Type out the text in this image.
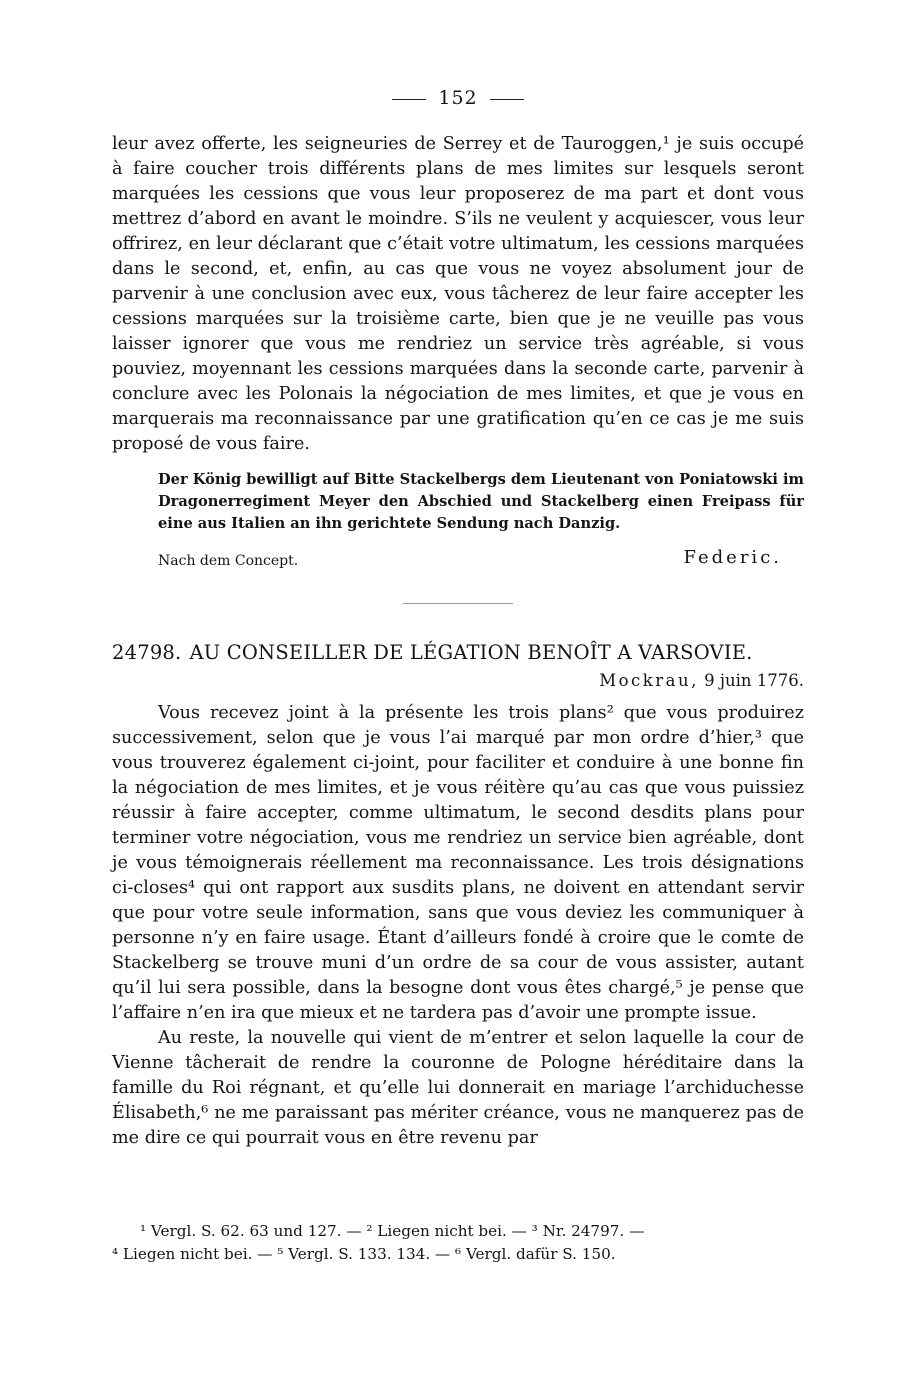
152

leur avez offerte, les seigneuries de Serrey et de Tauroggen,¹ je suis occupé à faire coucher trois différents plans de mes limites sur lesquels seront marquées les cessions que vous leur proposerez de ma part et dont vous mettrez d’abord en avant le moindre. S’ils ne veulent y acquiescer, vous leur offrirez, en leur déclarant que c’était votre ultimatum, les cessions marquées dans le second, et, enfin, au cas que vous ne voyez absolument jour de parvenir à une conclusion avec eux, vous tâcherez de leur faire accepter les cessions marquées sur la troisième carte, bien que je ne veuille pas vous laisser ignorer que vous me rendriez un service très agréable, si vous pouviez, moyennant les cessions marquées dans la seconde carte, parvenir à conclure avec les Polonais la négociation de mes limites, et que je vous en marquerais ma reconnaissance par une gratification qu’en ce cas je me suis proposé de vous faire.

Der König bewilligt auf Bitte Stackelbergs dem Lieutenant von Poniatowski im Dragonerregiment Meyer den Abschied und Stackelberg einen Freipass für eine aus Italien an ihn gerichtete Sendung nach Danzig.

Nach dem Concept.	Federic.
24798. AU CONSEILLER DE LÉGATION BENOÎT A VARSOVIE.
Mockrau, 9 juin 1776.

Vous recevez joint à la présente les trois plans² que vous produirez successivement, selon que je vous l’ai marqué par mon ordre d’hier,³ que vous trouverez également ci-joint, pour faciliter et conduire à une bonne fin la négociation de mes limites, et je vous réitère qu’au cas que vous puissiez réussir à faire accepter, comme ultimatum, le second desdits plans pour terminer votre négociation, vous me rendriez un service bien agréable, dont je vous témoignerais réellement ma reconnaissance. Les trois désignations ci-closes⁴ qui ont rapport aux susdits plans, ne doivent en attendant servir que pour votre seule information, sans que vous deviez les communiquer à personne n’y en faire usage. Étant d’ailleurs fondé à croire que le comte de Stackelberg se trouve muni d’un ordre de sa cour de vous assister, autant qu’il lui sera possible, dans la besogne dont vous êtes chargé,⁵ je pense que l’affaire n’en ira que mieux et ne tardera pas d’avoir une prompte issue.

Au reste, la nouvelle qui vient de m’entrer et selon laquelle la cour de Vienne tâcherait de rendre la couronne de Pologne héréditaire dans la famille du Roi régnant, et qu’elle lui donnerait en mariage l’archiduchesse Élisabeth,⁶ ne me paraissant pas mériter créance, vous ne manquerez pas de me dire ce qui pourrait vous en être revenu par

¹ Vergl. S. 62. 63 und 127. — ² Liegen nicht bei. — ³ Nr. 24797. —
⁴ Liegen nicht bei. — ⁵ Vergl. S. 133. 134. — ⁶ Vergl. dafür S. 150.
